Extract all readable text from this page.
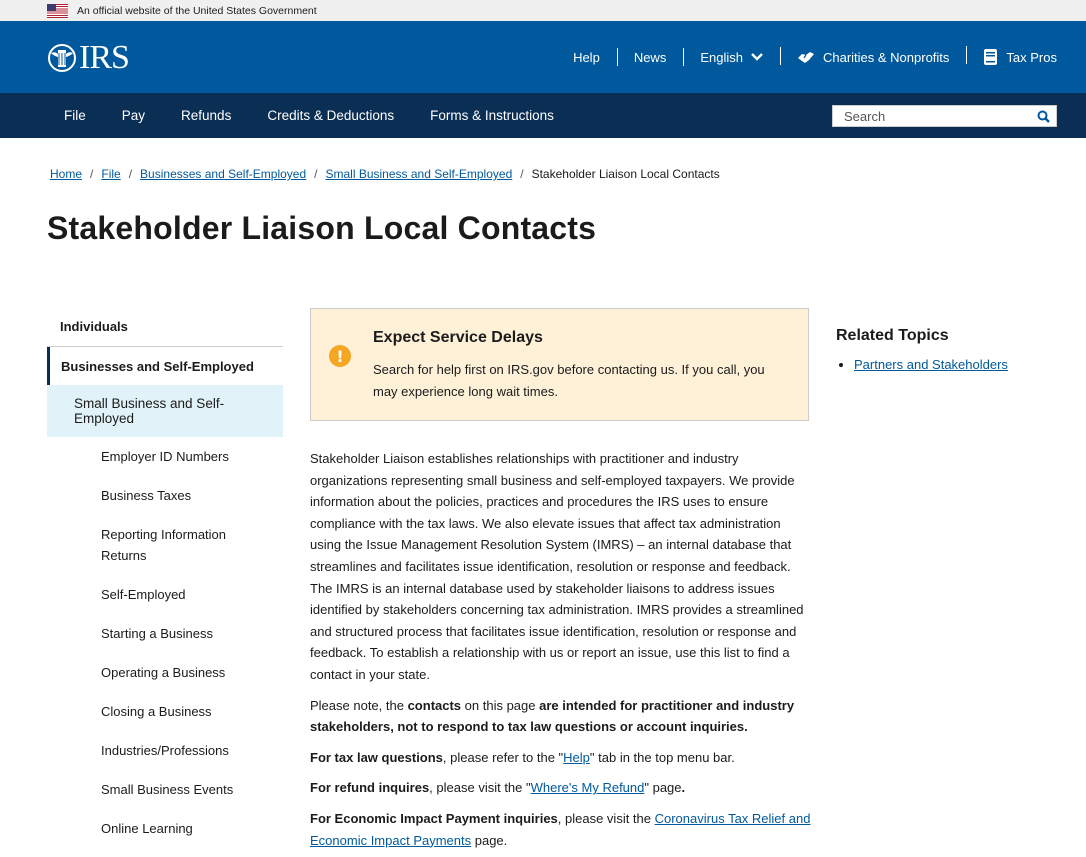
An official website of the United States Government
IRS	Help	News	English	Charities & Nonprofits	Tax Pros
File	Pay	Refunds	Credits & Deductions	Forms & Instructions
Search
Home / File / Businesses and Self-Employed / Small Business and Self-Employed / Stakeholder Liaison Local Contacts
Stakeholder Liaison Local Contacts
Individuals
Businesses and Self-Employed
Small Business and Self-Employed
Employer ID Numbers
Business Taxes
Reporting Information Returns
Self-Employed
Starting a Business
Operating a Business
Closing a Business
Industries/Professions
Small Business Events
Online Learning
!
Expect Service Delays
Search for help first on IRS.gov before contacting us. If you call, you may experience long wait times.

Stakeholder Liaison establishes relationships with practitioner and industry organizations representing small business and self-employed taxpayers. We provide information about the policies, practices and procedures the IRS uses to ensure compliance with the tax laws. We also elevate issues that affect tax administration using the Issue Management Resolution System (IMRS) – an internal database that streamlines and facilitates issue identification, resolution or response and feedback. The IMRS is an internal database used by stakeholder liaisons to address issues identified by stakeholders concerning tax administration. IMRS provides a streamlined and structured process that facilitates issue identification, resolution or response and feedback. To establish a relationship with us or report an issue, use this list to find a contact in your state.

Please note, the contacts on this page are intended for practitioner and industry stakeholders, not to respond to tax law questions or account inquiries.

For tax law questions, please refer to the "Help" tab in the top menu bar.

For refund inquires, please visit the "Where's My Refund" page.

For Economic Impact Payment inquiries, please visit the Coronavirus Tax Relief and Economic Impact Payments page.

Related Topics
• Partners and Stakeholders
